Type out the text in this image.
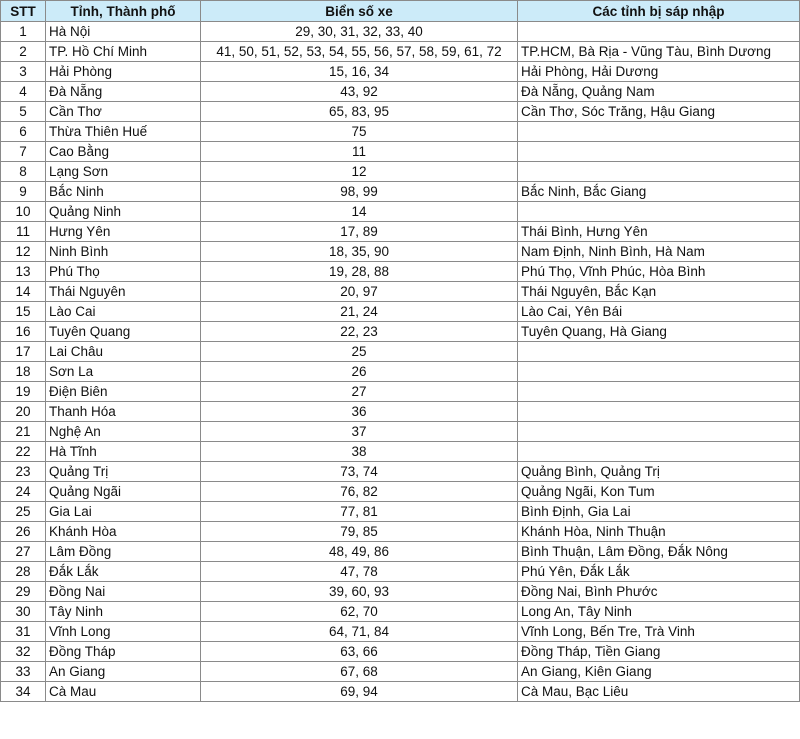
STT	Tỉnh, Thành phố	Biển số xe	Các tỉnh bị sáp nhập
1	Hà Nội	29, 30, 31, 32, 33, 40	
2	TP. Hồ Chí Minh	41, 50, 51, 52, 53, 54, 55, 56, 57, 58, 59, 61, 72	TP.HCM, Bà Rịa - Vũng Tàu, Bình Dương
3	Hải Phòng	15, 16, 34	Hải Phòng, Hải Dương
4	Đà Nẵng	43, 92	Đà Nẵng, Quảng Nam
5	Cần Thơ	65, 83, 95	Cần Thơ, Sóc Trăng, Hậu Giang
6	Thừa Thiên Huế	75	
7	Cao Bằng	11	
8	Lạng Sơn	12	
9	Bắc Ninh	98, 99	Bắc Ninh, Bắc Giang
10	Quảng Ninh	14	
11	Hưng Yên	17, 89	Thái Bình, Hưng Yên
12	Ninh Bình	18, 35, 90	Nam Định, Ninh Bình, Hà Nam
13	Phú Thọ	19, 28, 88	Phú Thọ, Vĩnh Phúc, Hòa Bình
14	Thái Nguyên	20, 97	Thái Nguyên, Bắc Kạn
15	Lào Cai	21, 24	Lào Cai, Yên Bái
16	Tuyên Quang	22, 23	Tuyên Quang, Hà Giang
17	Lai Châu	25	
18	Sơn La	26	
19	Điện Biên	27	
20	Thanh Hóa	36	
21	Nghệ An	37	
22	Hà Tĩnh	38	
23	Quảng Trị	73, 74	Quảng Bình, Quảng Trị
24	Quảng Ngãi	76, 82	Quảng Ngãi, Kon Tum
25	Gia Lai	77, 81	Bình Định, Gia Lai
26	Khánh Hòa	79, 85	Khánh Hòa, Ninh Thuận
27	Lâm Đồng	48, 49, 86	Bình Thuận, Lâm Đồng, Đắk Nông
28	Đắk Lắk	47, 78	Phú Yên, Đắk Lắk
29	Đồng Nai	39, 60, 93	Đồng Nai, Bình Phước
30	Tây Ninh	62, 70	Long An, Tây Ninh
31	Vĩnh Long	64, 71, 84	Vĩnh Long, Bến Tre, Trà Vinh
32	Đồng Tháp	63, 66	Đồng Tháp, Tiền Giang
33	An Giang	67, 68	An Giang, Kiên Giang
34	Cà Mau	69, 94	Cà Mau, Bạc Liêu
